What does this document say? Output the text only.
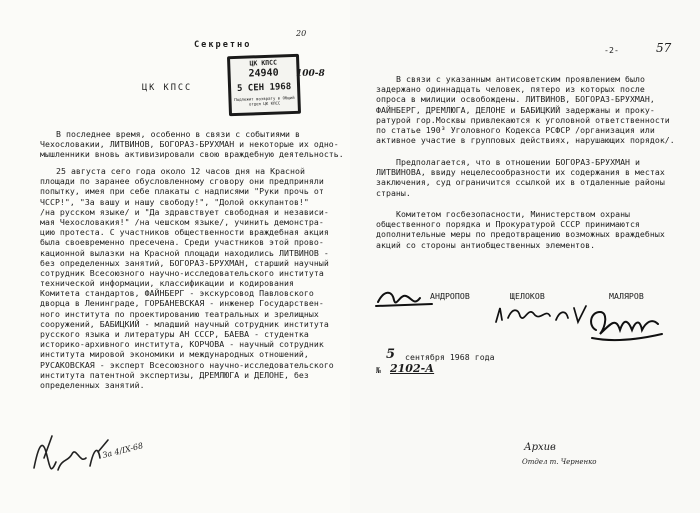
20
Секретно
ЦК КПСС
ЦК КПСС
24940
5 СЕН 1968
Подлежит возврату в Общий отдел ЦК КПСС
100-8
В последнее время, особенно в связи с событиями в
Чехословакии, ЛИТВИНОВ, БОГОРАЗ-БРУХМАН и некоторые их одно-
мышленники вновь активизировали свою враждебную деятельность.
25 августа сего года около 12 часов дня на Красной
площади по заранее обусловленному сговору они предприняли
попытку, имея при себе плакаты с надписями "Руки прочь от
ЧССР!", "За вашу и нашу свободу!", "Долой оккупантов!"
/на русском языке/ и "Да здравствует свободная и независи-
мая Чехословакия!" /на чешском языке/, учинить демонстра-
цию протеста. С участников общественности враждебная акция
была своевременно пресечена. Среди участников этой прово-
кационной вылазки на Красной площади находились ЛИТВИНОВ -
без определенных занятий, БОГОРАЗ-БРУХМАН, старший научный
сотрудник Всесоюзного научно-исследовательского института
технической информации, классификации и кодирования
Комитета стандартов, ФАЙНБЕРГ - экскурсовод Павловского
дворца в Ленинграде, ГОРБАНЕВСКАЯ - инженер Государствен-
ного института по проектированию театральных и зрелищных
сооружений, БАБИЦКИЙ - младший научный сотрудник института
русского языка и литературы АН СССР, БАЕВА - студентка
историко-архивного института, КОРЧОВА - научный сотрудник
института мировой экономики и международных отношений,
РУСАКОВСКАЯ - эксперт Всесоюзного научно-исследовательского
института патентной экспертизы, ДРЕМЛЮГА и ДЕЛОНЕ, без
определенных занятий.
За 4/IX-68
57
-2-
В связи с указанным антисоветским проявлением было
задержано одиннадцать человек, пятеро из которых после
опроса в милиции освобождены. ЛИТВИНОВ, БОГОРАЗ-БРУХМАН,
ФАЙНБЕРГ, ДРЕМЛЮГА, ДЕЛОНЕ и БАБИЦКИЙ задержаны и проку-
ратурой гор.Москвы привлекаются к уголовной ответственности
по статье 190³ Уголовного Кодекса РСФСР /организация или
активное участие в групповых действиях, нарушающих порядок/.
Предполагается, что в отношении БОГОРАЗ-БРУХМАН и
ЛИТВИНОВА, ввиду нецелесообразности их содержания в местах
заключения, суд ограничится ссылкой их в отдаленные районы
страны.
Комитетом госбезопасности, Министерством охраны
общественного порядка и Прокуратурой СССР принимаются
дополнительные меры по предотвращению возможных враждебных
акций со стороны антиобщественных элементов.
АНДРОПОВ	ЩЕЛОКОВ	МАЛЯРОВ
5 сентября 1968 года
№ 2102-А
Архив
Отдел т. Черненко
